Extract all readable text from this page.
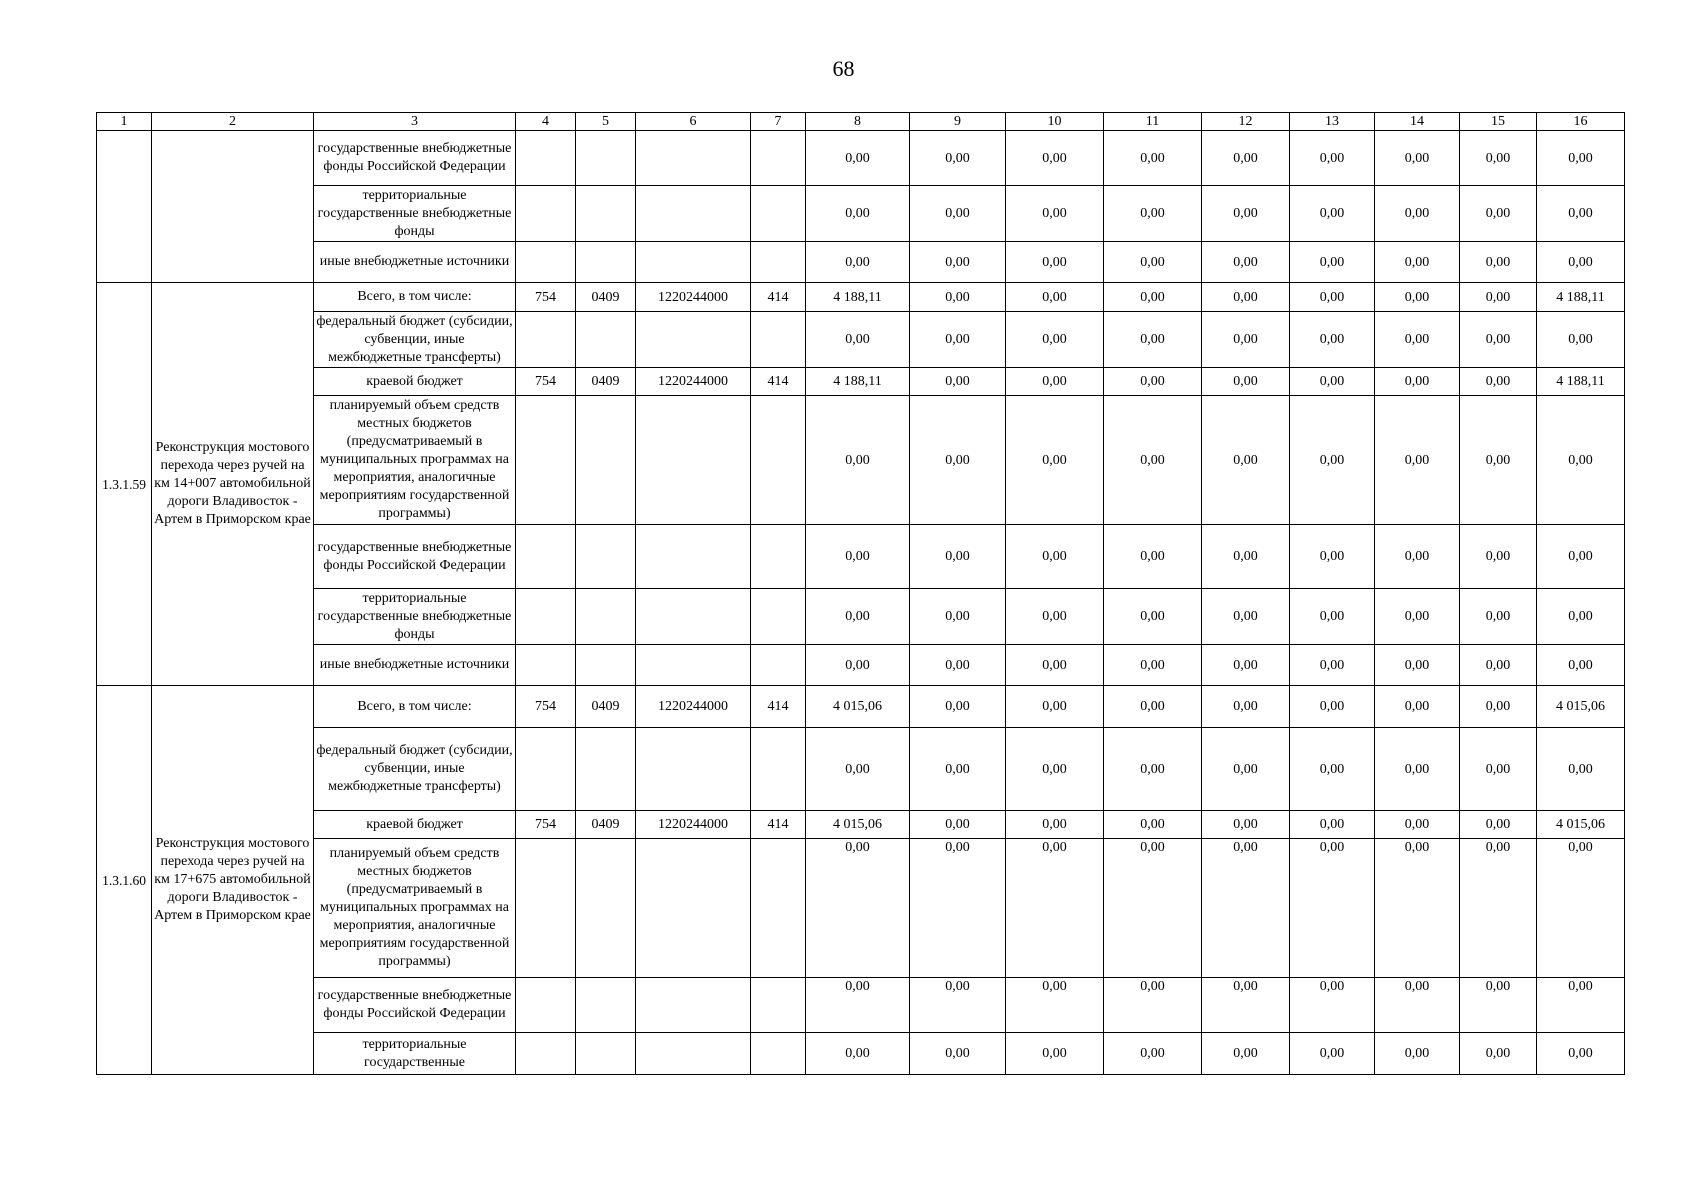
68
1	2	3	4	5	6	7	8	9	10	11	12	13	14	15	16
		государственные внебюджетные фонды Российской Федерации					0,00	0,00	0,00	0,00	0,00	0,00	0,00	0,00	0,00
		территориальные государственные внебюджетные фонды					0,00	0,00	0,00	0,00	0,00	0,00	0,00	0,00	0,00
		иные внебюджетные источники					0,00	0,00	0,00	0,00	0,00	0,00	0,00	0,00	0,00
1.3.1.59	Реконструкция мостового перехода через ручей на км 14+007 автомобильной дороги Владивосток - Артем в Приморском крае	Всего, в том числе:	754	0409	1220244000	414	4 188,11	0,00	0,00	0,00	0,00	0,00	0,00	0,00	4 188,11
		федеральный бюджет (субсидии, субвенции, иные межбюджетные трансферты)					0,00	0,00	0,00	0,00	0,00	0,00	0,00	0,00	0,00
		краевой бюджет	754	0409	1220244000	414	4 188,11	0,00	0,00	0,00	0,00	0,00	0,00	0,00	4 188,11
		планируемый объем средств местных бюджетов (предусматриваемый в муниципальных программах на мероприятия, аналогичные мероприятиям государственной программы)					0,00	0,00	0,00	0,00	0,00	0,00	0,00	0,00	0,00
		государственные внебюджетные фонды Российской Федерации					0,00	0,00	0,00	0,00	0,00	0,00	0,00	0,00	0,00
		территориальные государственные внебюджетные фонды					0,00	0,00	0,00	0,00	0,00	0,00	0,00	0,00	0,00
		иные внебюджетные источники					0,00	0,00	0,00	0,00	0,00	0,00	0,00	0,00	0,00
1.3.1.60	Реконструкция мостового перехода через ручей на км 17+675 автомобильной дороги Владивосток - Артем в Приморском крае	Всего, в том числе:	754	0409	1220244000	414	4 015,06	0,00	0,00	0,00	0,00	0,00	0,00	0,00	4 015,06
		федеральный бюджет (субсидии, субвенции, иные межбюджетные трансферты)					0,00	0,00	0,00	0,00	0,00	0,00	0,00	0,00	0,00
		краевой бюджет	754	0409	1220244000	414	4 015,06	0,00	0,00	0,00	0,00	0,00	0,00	0,00	4 015,06
		планируемый объем средств местных бюджетов (предусматриваемый в муниципальных программах на мероприятия, аналогичные мероприятиям государственной программы)					0,00	0,00	0,00	0,00	0,00	0,00	0,00	0,00	0,00
		государственные внебюджетные фонды Российской Федерации					0,00	0,00	0,00	0,00	0,00	0,00	0,00	0,00	0,00
		территориальные государственные					0,00	0,00	0,00	0,00	0,00	0,00	0,00	0,00	0,00
